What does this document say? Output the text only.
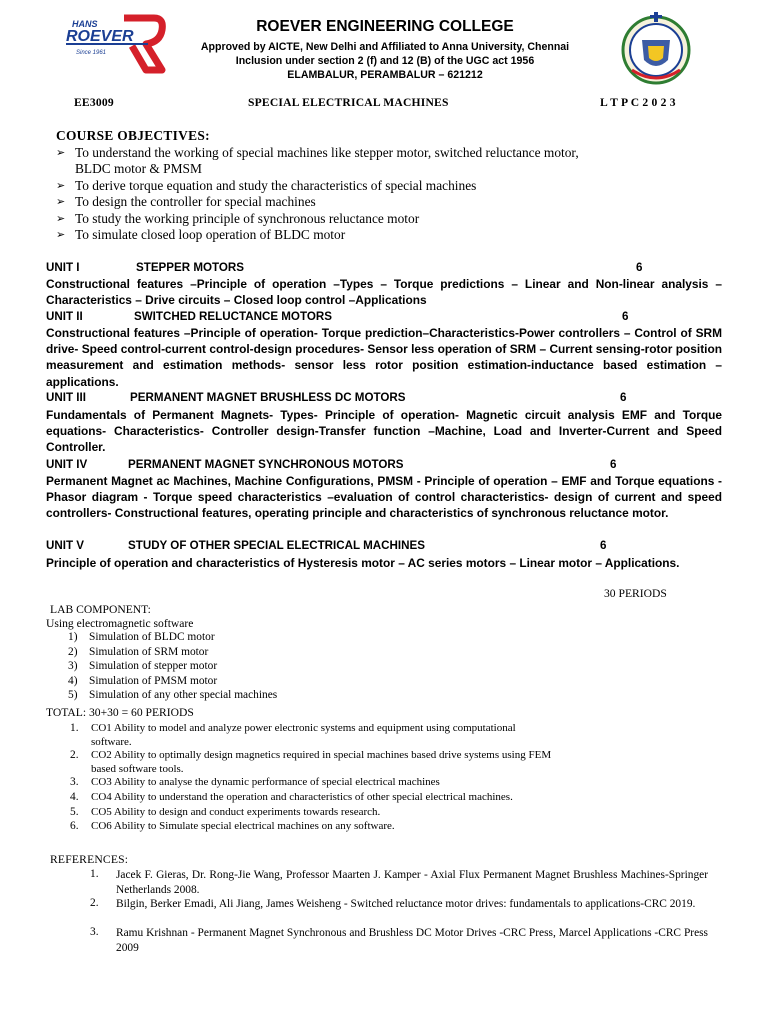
HANS
ROEVER
Since 1961
ROEVER ENGINEERING COLLEGE
Approved by AICTE, New Delhi and Affiliated to Anna University, Chennai
Inclusion under section 2 (f) and 12 (B) of the UGC act 1956
ELAMBALUR, PERAMBALUR – 621212
EE3009	SPECIAL ELECTRICAL MACHINES	L T P C 2 0 2 3
COURSE OBJECTIVES:
➢ To understand the working of special machines like stepper motor, switched reluctance motor,
BLDC motor & PMSM
➢ To derive torque equation and study the characteristics of special machines
➢ To design the controller for special machines
➢ To study the working principle of synchronous reluctance motor
➢ To simulate closed loop operation of BLDC motor
UNIT I	STEPPER MOTORS	6
Constructional features –Principle of operation –Types – Torque predictions – Linear and Non-linear analysis – Characteristics – Drive circuits – Closed loop control –Applications
UNIT II	SWITCHED RELUCTANCE MOTORS	6
Constructional features –Principle of operation- Torque prediction–Characteristics-Power controllers – Control of SRM drive- Speed control-current control-design procedures- Sensor less operation of SRM – Current sensing-rotor position measurement and estimation methods- sensor less rotor position estimation-inductance based estimation –applications.
UNIT III	PERMANENT MAGNET BRUSHLESS DC MOTORS	6
Fundamentals of Permanent Magnets- Types- Principle of operation- Magnetic circuit analysis EMF and Torque equations- Characteristics- Controller design-Transfer function –Machine, Load and Inverter-Current and Speed Controller.
UNIT IV	PERMANENT MAGNET SYNCHRONOUS MOTORS	6
Permanent Magnet ac Machines, Machine Configurations, PMSM - Principle of operation – EMF and Torque equations - Phasor diagram - Torque speed characteristics –evaluation of control characteristics- design of current and speed controllers- Constructional features, operating principle and characteristics of synchronous reluctance motor.
UNIT V	STUDY OF OTHER SPECIAL ELECTRICAL MACHINES	6
Principle of operation and characteristics of Hysteresis motor – AC series motors – Linear motor – Applications.
30 PERIODS
LAB COMPONENT:
Using electromagnetic software
1) Simulation of BLDC motor
2) Simulation of SRM motor
3) Simulation of stepper motor
4) Simulation of PMSM motor
5) Simulation of any other special machines
TOTAL: 30+30 = 60 PERIODS
1. CO1 Ability to model and analyze power electronic systems and equipment using computational
software.
2. CO2 Ability to optimally design magnetics required in special machines based drive systems using FEM
based software tools.
3. CO3 Ability to analyse the dynamic performance of special electrical machines
4. CO4 Ability to understand the operation and characteristics of other special electrical machines.
5. CO5 Ability to design and conduct experiments towards research.
6. CO6 Ability to Simulate special electrical machines on any software.
REFERENCES:
1. Jacek F. Gieras, Dr. Rong-Jie Wang, Professor Maarten J. Kamper - Axial Flux Permanent Magnet Brushless Machines-Springer Netherlands 2008.
2. Bilgin, Berker Emadi, Ali Jiang, James Weisheng - Switched reluctance motor drives: fundamentals to applications-CRC 2019.
3. Ramu Krishnan - Permanent Magnet Synchronous and Brushless DC Motor Drives -CRC Press, Marcel Applications -CRC Press 2009
